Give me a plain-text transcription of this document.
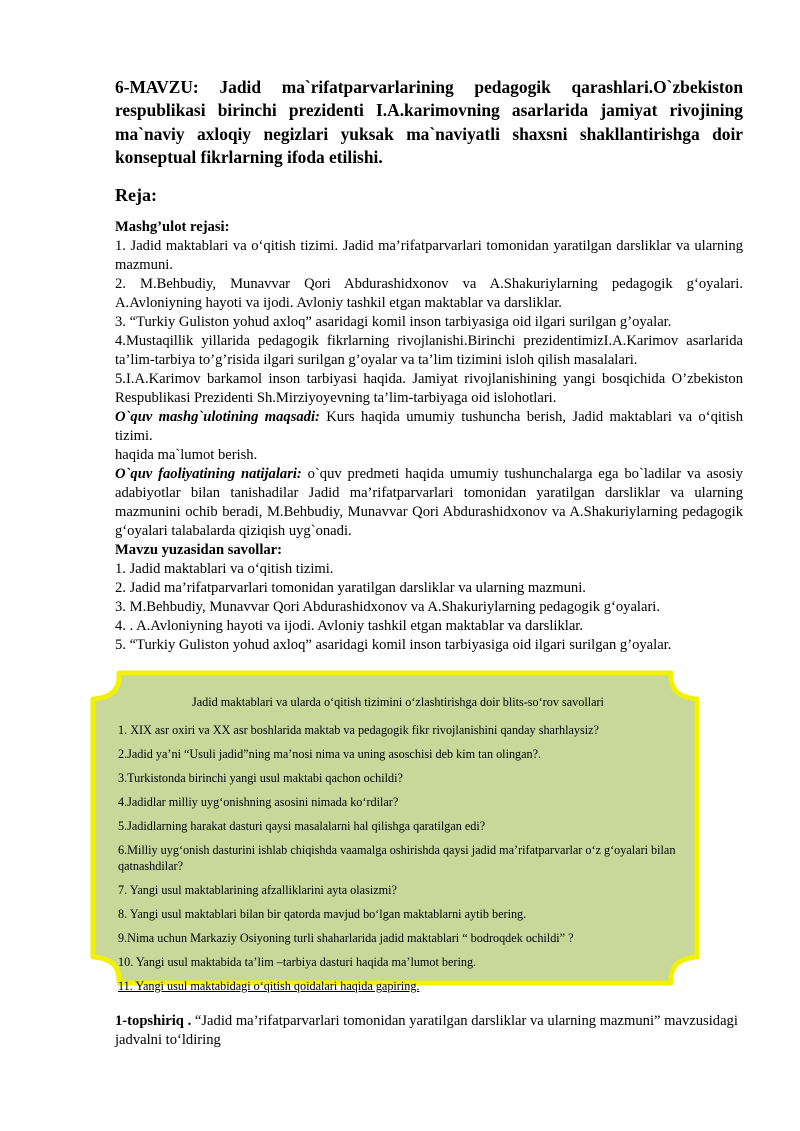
6-MAVZU: Jadid ma`rifatparvarlarining pedagogik qarashlari.O`zbekiston respublikasi birinchi prezidenti I.A.karimovning asarlarida jamiyat rivojining ma`naviy axloqiy negizlari yuksak ma`naviyatli shaxsni shakllantirishga doir konseptual fikrlarning ifoda etilishi.

Reja:

Mashg’ulot rejasi:

1. Jadid maktablari va o‘qitish tizimi. Jadid ma’rifatparvarlari tomonidan yaratilgan darsliklar va ularning mazmuni.

2. M.Behbudiy, Munavvar Qori Abdurashidxonov va A.Shakuriylarning pedagogik g‘oyalari. A.Avloniyning hayoti va ijodi. Avloniy tashkil etgan maktablar va darsliklar.

3. “Turkiy Guliston yohud axloq” asaridagi komil inson tarbiyasiga oid ilgari surilgan g’oyalar.

4.Mustaqillik yillarida pedagogik fikrlarning rivojlanishi.Birinchi prezidentimizI.A.Karimov asarlarida ta’lim-tarbiya to’g’risida ilgari surilgan g’oyalar va ta’lim tizimini isloh qilish masalalari.

5.I.A.Karimov barkamol inson tarbiyasi haqida. Jamiyat rivojlanishining yangi bosqichida O’zbekiston Respublikasi Prezidenti Sh.Mirziyoyevning ta’lim-tarbiyaga oid islohotlari.

O`quv mashg`ulotining maqsadi: Kurs haqida umumiy tushuncha berish, Jadid maktablari va o‘qitish tizimi.

haqida ma`lumot berish.

O`quv faoliyatining natijalari: o`quv predmeti haqida umumiy tushunchalarga ega bo`ladilar va asosiy adabiyotlar bilan tanishadilar Jadid ma’rifatparvarlari tomonidan yaratilgan darsliklar va ularning mazmunini ochib beradi, M.Behbudiy, Munavvar Qori Abdurashidxonov va A.Shakuriylarning pedagogik g‘oyalari talabalarda qiziqish uyg`onadi.

Mavzu yuzasidan savollar:

1. Jadid maktablari va o‘qitish tizimi.

2. Jadid ma’rifatparvarlari tomonidan yaratilgan darsliklar va ularning mazmuni.

3. M.Behbudiy, Munavvar Qori Abdurashidxonov va A.Shakuriylarning pedagogik g‘oyalari.

4. . A.Avloniyning hayoti va ijodi. Avloniy tashkil etgan maktablar va darsliklar.

5. “Turkiy Guliston yohud axloq” asaridagi komil inson tarbiyasiga oid ilgari surilgan g’oyalar.

Jadid maktablari va ularda o‘qitish tizimini o‘zlashtirishga doir blits-so‘rov savollari

1. XIX asr oxiri va XX asr boshlarida maktab va pedagogik fikr rivojlanishini qanday sharhlaysiz?

2.Jadid ya’ni “Usuli jadid”ning ma’nosi nima va uning asoschisi deb kim tan olingan?.

3.Turkistonda birinchi yangi usul maktabi qachon ochildi?

4.Jadidlar milliy uyg‘onishning asosini nimada ko‘rdilar?

5.Jadidlarning harakat dasturi qaysi masalalarni hal qilishga qaratilgan edi?

6.Milliy uyg‘onish dasturini ishlab chiqishda vaamalga oshirishda qaysi jadid ma’rifatparvarlar o‘z g‘oyalari bilan qatnashdilar?

7. Yangi usul maktablarining afzalliklarini ayta olasizmi?

8. Yangi usul maktablari bilan bir qatorda mavjud bo‘lgan maktablarni aytib bering.

9.Nima uchun Markaziy Osiyoning turli shaharlarida jadid maktablari “ bodroqdek ochildi” ?

10. Yangi usul maktabida ta’lim –tarbiya dasturi haqida ma’lumot bering.

11. Yangi usul maktabidagi o‘qitish qoidalari haqida gapiring.

1-topshiriq . “Jadid ma’rifatparvarlari tomonidan yaratilgan darsliklar va ularning mazmuni” mavzusidagi jadvalni to‘ldiring
